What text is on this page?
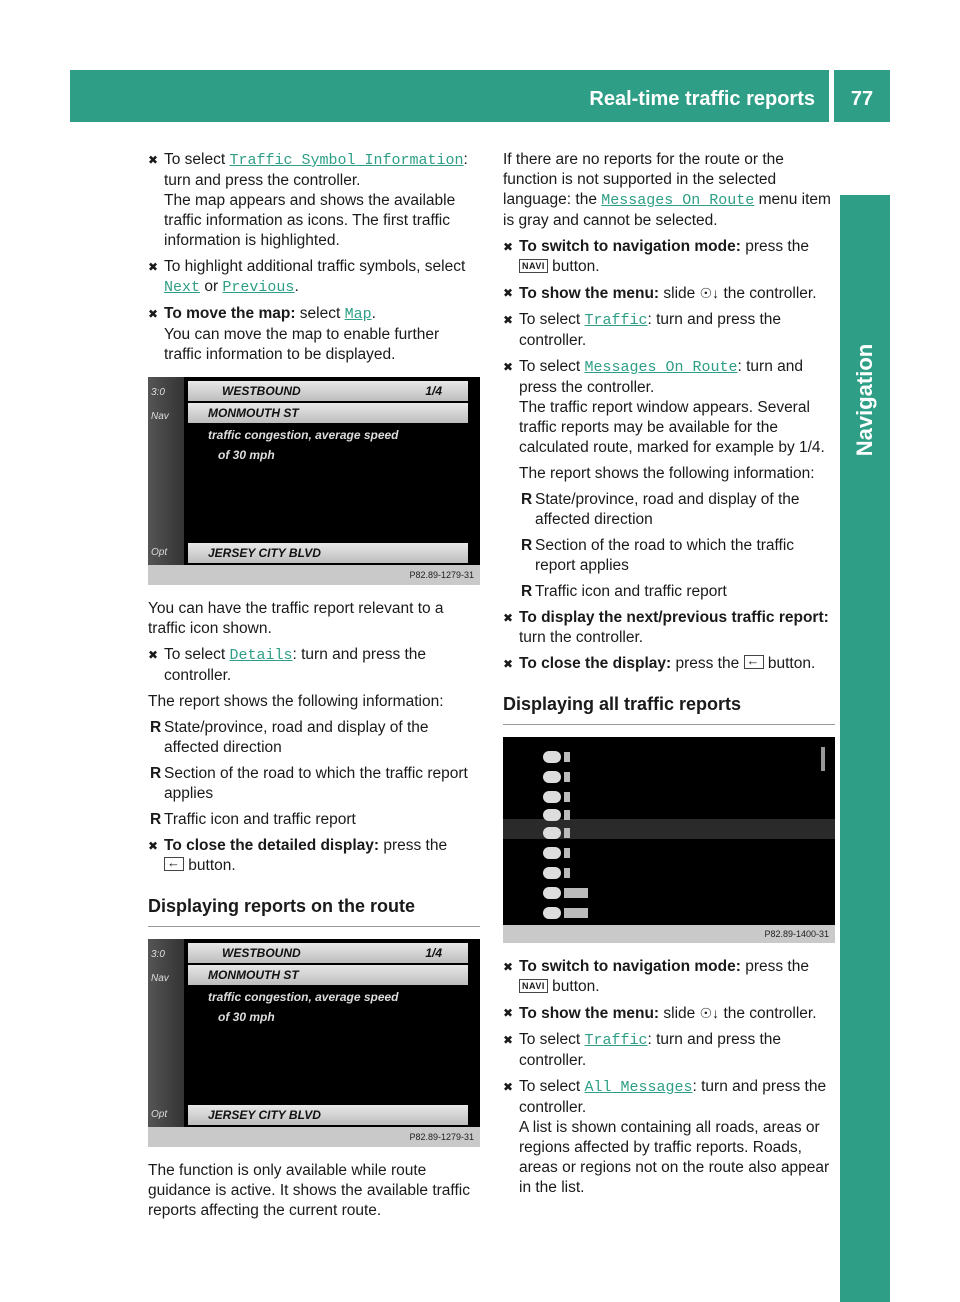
Real-time traffic reports	77
Navigation
✖ To select Traffic Symbol Information:
turn and press the controller.
The map appears and shows the available traffic information as icons. The first traffic information is highlighted.
✖ To highlight additional traffic symbols, select Next or Previous.
✖ To move the map: select Map.
You can move the map to enable further traffic information to be displayed.
3:0
Nav
Opt
WESTBOUND	1/4
MONMOUTH ST
traffic congestion, average speed
of 30 mph
JERSEY CITY BLVD
P82.89-1279-31

You can have the traffic report relevant to a traffic icon shown.

✖ To select Details: turn and press the controller.

The report shows the following information:

R State/province, road and display of the affected direction
R Section of the road to which the traffic report applies
R Traffic icon and traffic report
✖ To close the detailed display: press the
← button.
Displaying reports on the route
3:0
Nav
Opt
WESTBOUND	1/4
MONMOUTH ST
traffic congestion, average speed
of 30 mph
JERSEY CITY BLVD
P82.89-1279-31

The function is only available while route guidance is active. It shows the available traffic reports affecting the current route.

If there are no reports for the route or the function is not supported in the selected language: the Messages On Route menu item is gray and cannot be selected.

✖ To switch to navigation mode: press the
NAVI button.
✖ To show the menu: slide ☉↓ the controller.
✖ To select Traffic: turn and press the controller.
✖ To select Messages On Route: turn and press the controller.
The traffic report window appears. Several traffic reports may be available for the calculated route, marked for example by 1/4.

The report shows the following information:

R State/province, road and display of the affected direction
R Section of the road to which the traffic report applies
R Traffic icon and traffic report
✖ To display the next/previous traffic report: turn the controller.
✖ To close the display: press the ← button.
Displaying all traffic reports
P82.89-1400-31
✖ To switch to navigation mode: press the
NAVI button.
✖ To show the menu: slide ☉↓ the controller.
✖ To select Traffic: turn and press the controller.
✖ To select All Messages: turn and press the controller.
A list is shown containing all roads, areas or regions affected by traffic reports. Roads, areas or regions not on the route also appear in the list.
